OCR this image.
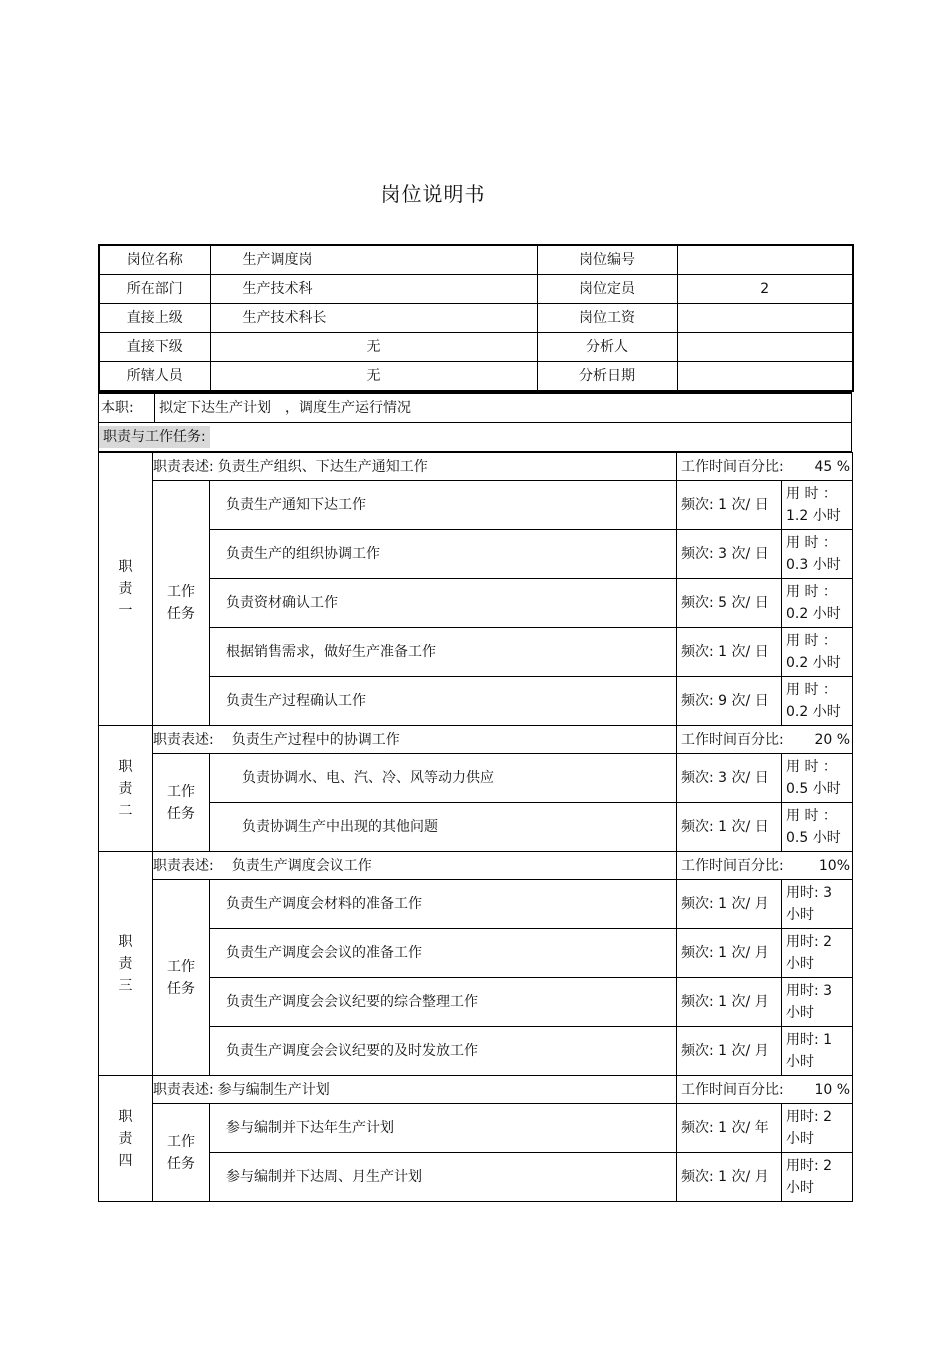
岗位说明书
岗位名称	生产调度岗	岗位编号	
所在部门	生产技术科	岗位定员	2
直接上级	生产技术科长	岗位工资	
直接下级	无	分析人	
所辖人员	无	分析日期	
本职:	拟定下达生产计划　，调度生产运行情况
职责与工作任务:
职责一	职责表述: 负责生产组织、下达生产通知工作		工作时间百分比: 45 %	

	工作任务	负责生产通知下达工作	频次: 1 次/ 日	用 时 ：1.2 小时
		负责生产的组织协调工作	频次: 3 次/ 日	用 时 ：0.3 小时
		负责资材确认工作	频次: 5 次/ 日	用 时 ：0.2 小时
		根据销售需求，做好生产准备工作	频次: 1 次/ 日	用 时 ：0.2 小时
		负责生产过程确认工作	频次: 9 次/ 日	用 时 ：0.2 小时

职责二	职责表述: 负责生产过程中的协调工作		工作时间百分比: 20 %	

	工作任务	负责协调水、电、汽、冷、风等动力供应	频次: 3 次/ 日	用 时 ：0.5 小时
		负责协调生产中出现的其他问题	频次: 1 次/ 日	用 时 ：0.5 小时

职责三	职责表述: 负责生产调度会议工作		工作时间百分比: 10%	

	工作任务	负责生产调度会材料的准备工作	频次: 1 次/ 月	用时: 3 小时
		负责生产调度会会议的准备工作	频次: 1 次/ 月	用时: 2 小时
		负责生产调度会会议纪要的综合整理工作	频次: 1 次/ 月	用时: 3 小时
		负责生产调度会会议纪要的及时发放工作	频次: 1 次/ 月	用时: 1 小时

职责四	职责表述: 参与编制生产计划		工作时间百分比: 10 %	

	工作任务	参与编制并下达年生产计划	频次: 1 次/ 年	用时: 2 小时
		参与编制并下达周、月生产计划	频次: 1 次/ 月	用时: 2 小时
